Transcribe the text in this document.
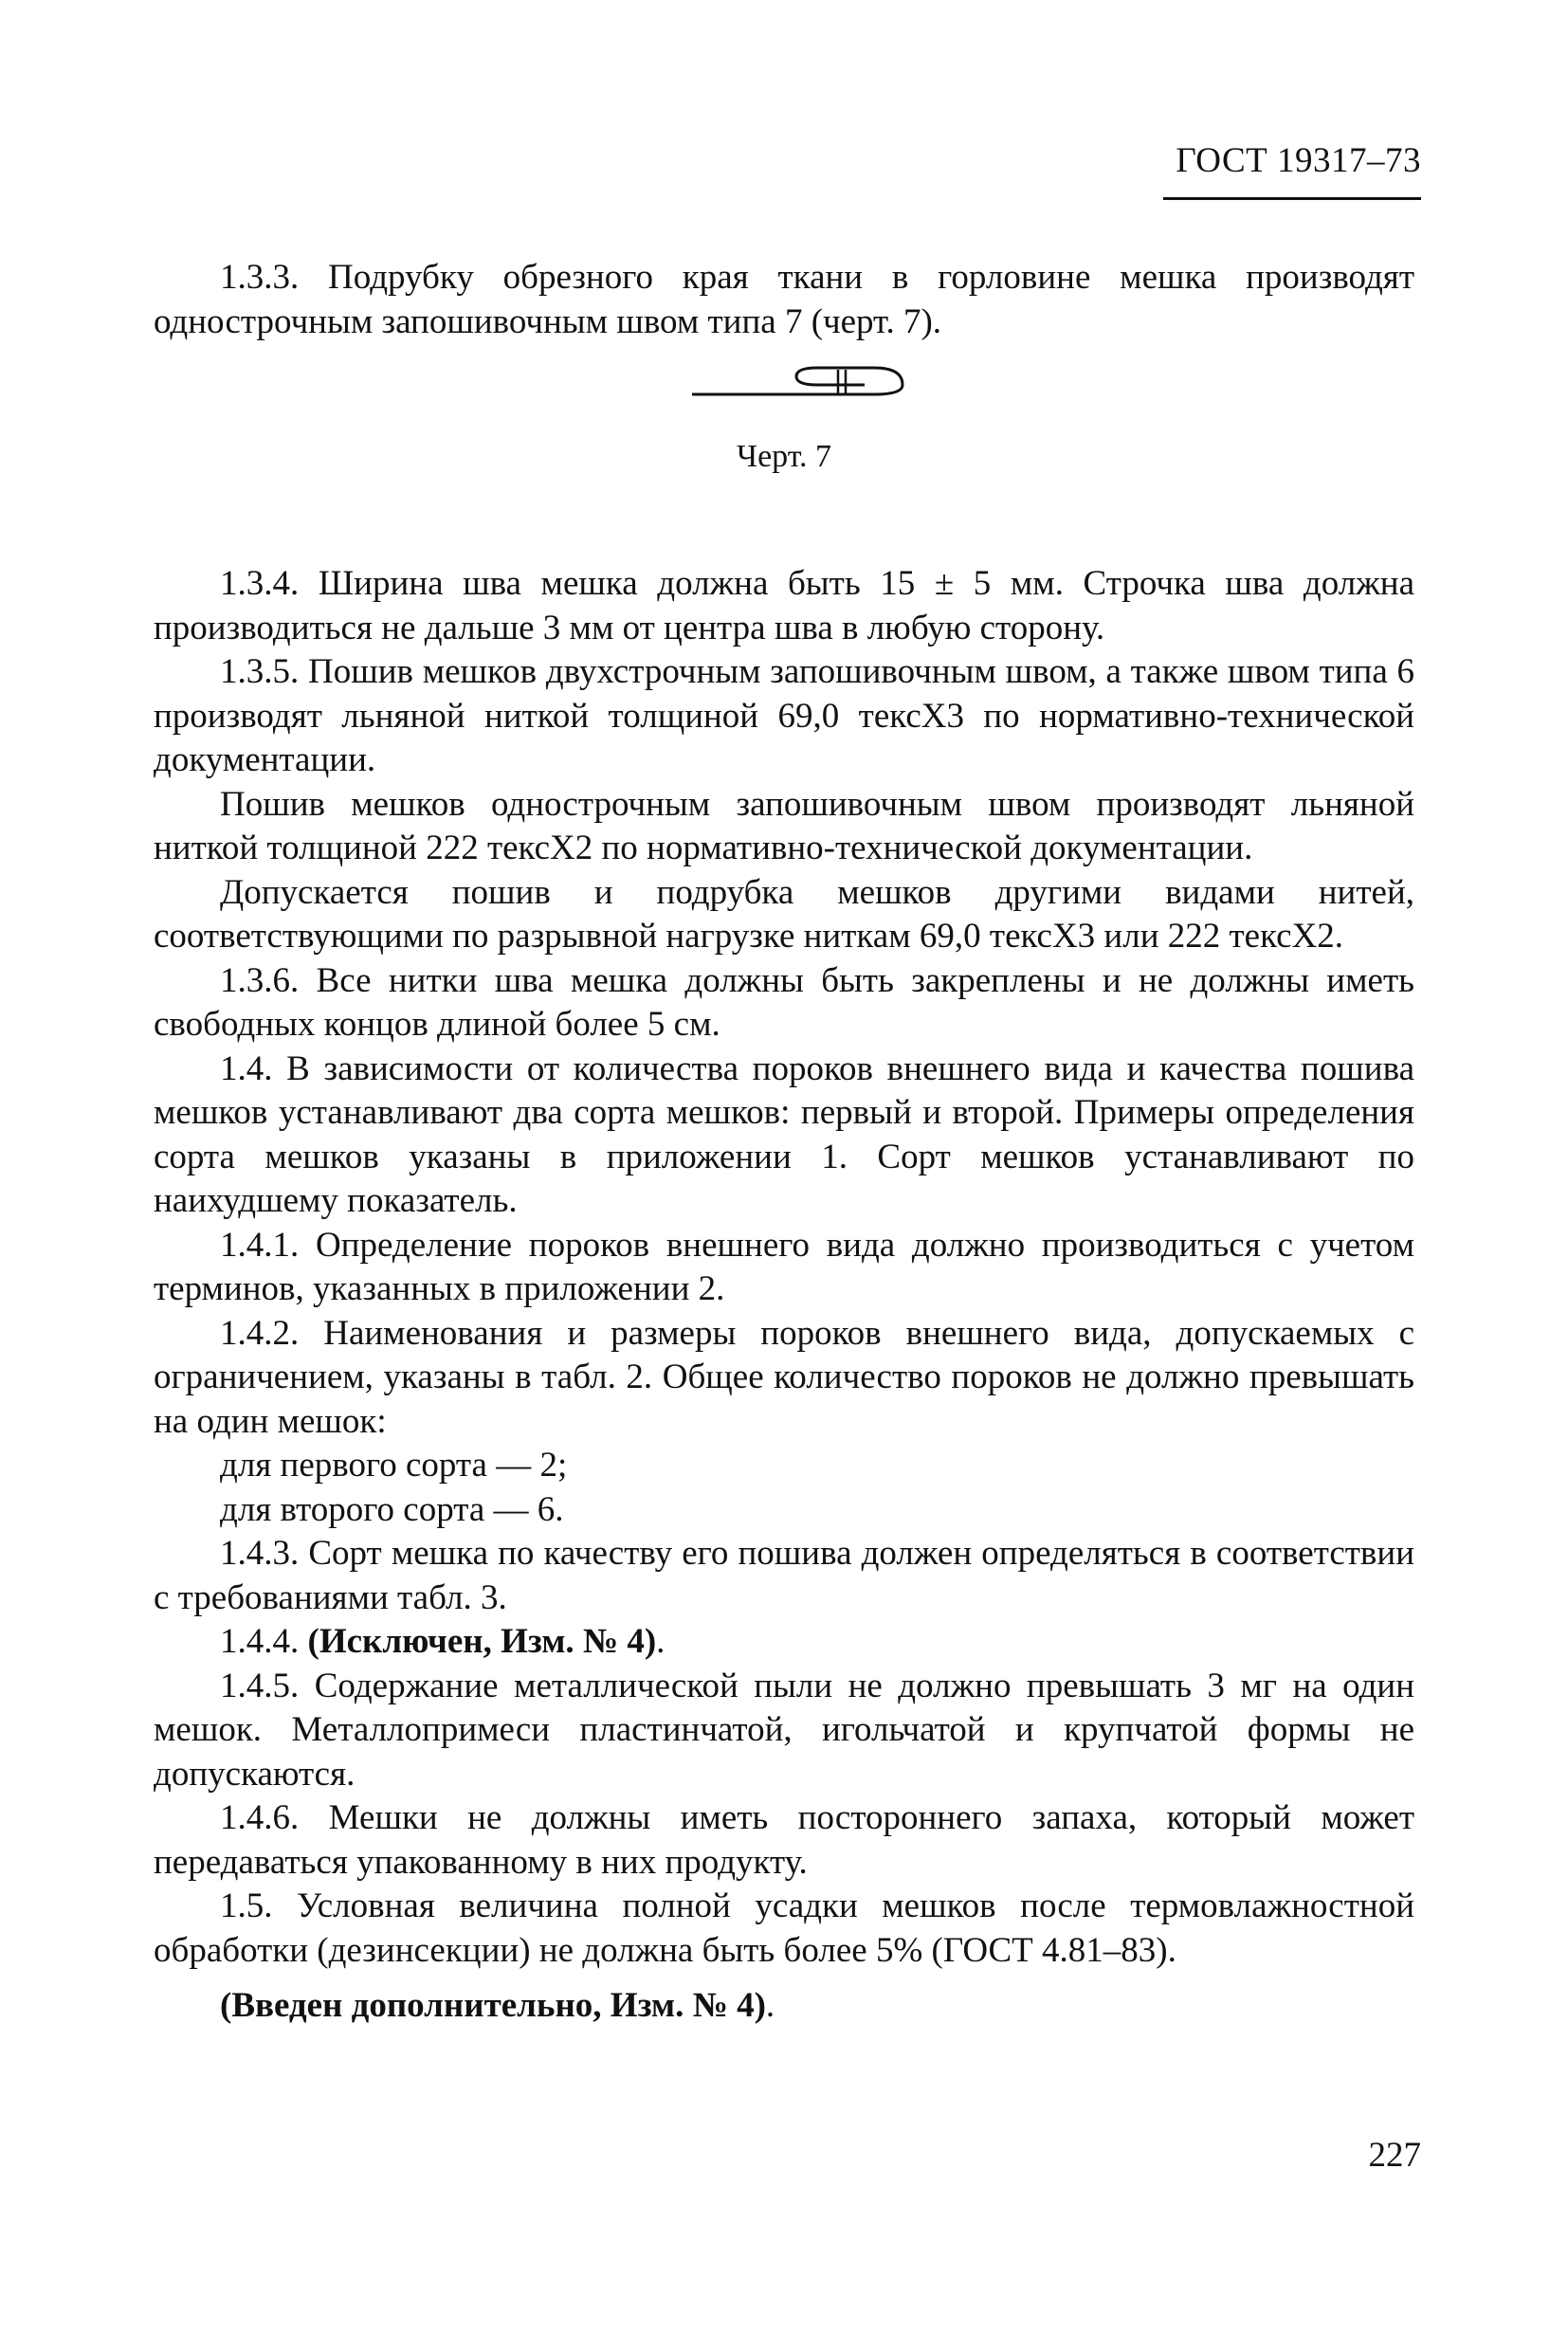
ГОСТ 19317–73

1.3.3. Подрубку обрезного края ткани в горловине мешка производят однострочным запошивочным швом типа 7 (черт. 7).

Черт. 7

1.3.4. Ширина шва мешка должна быть 15 ± 5 мм. Строчка шва должна производиться не дальше 3 мм от центра шва в любую сторону.

1.3.5. Пошив мешков двухстрочным запошивочным швом, а также швом типа 6 производят льняной ниткой толщиной 69,0 тексХ3 по нормативно-технической документации.

Пошив мешков однострочным запошивочным швом производят льняной ниткой толщиной 222 тексХ2 по нормативно-технической документации.

Допускается пошив и подрубка мешков другими видами нитей, соответствующими по разрывной нагрузке ниткам 69,0 тексХ3 или 222 тексХ2.

1.3.6. Все нитки шва мешка должны быть закреплены и не должны иметь свободных концов длиной более 5 см.

1.4. В зависимости от количества пороков внешнего вида и качества пошива мешков устанавливают два сорта мешков: первый и второй. Примеры определения сорта мешков указаны в приложении 1. Сорт мешков устанавливают по наихудшему показатель.

1.4.1. Определение пороков внешнего вида должно производиться с учетом терминов, указанных в приложении 2.

1.4.2. Наименования и размеры пороков внешнего вида, допускаемых с ограничением, указаны в табл. 2. Общее количество пороков не должно превышать на один мешок:

для первого сорта — 2;

для второго сорта — 6.

1.4.3. Сорт мешка по качеству его пошива должен определяться в соответствии с требованиями табл. 3.

1.4.4. (Исключен, Изм. № 4).

1.4.5. Содержание металлической пыли не должно превышать 3 мг на один мешок. Металлопримеси пластинчатой, игольчатой и крупчатой формы не допускаются.

1.4.6. Мешки не должны иметь постороннего запаха, который может передаваться упакованному в них продукту.

1.5. Условная величина полной усадки мешков после термовлажностной обработки (дезинсекции) не должна быть более 5% (ГОСТ 4.81–83).

(Введен дополнительно, Изм. № 4).

227
